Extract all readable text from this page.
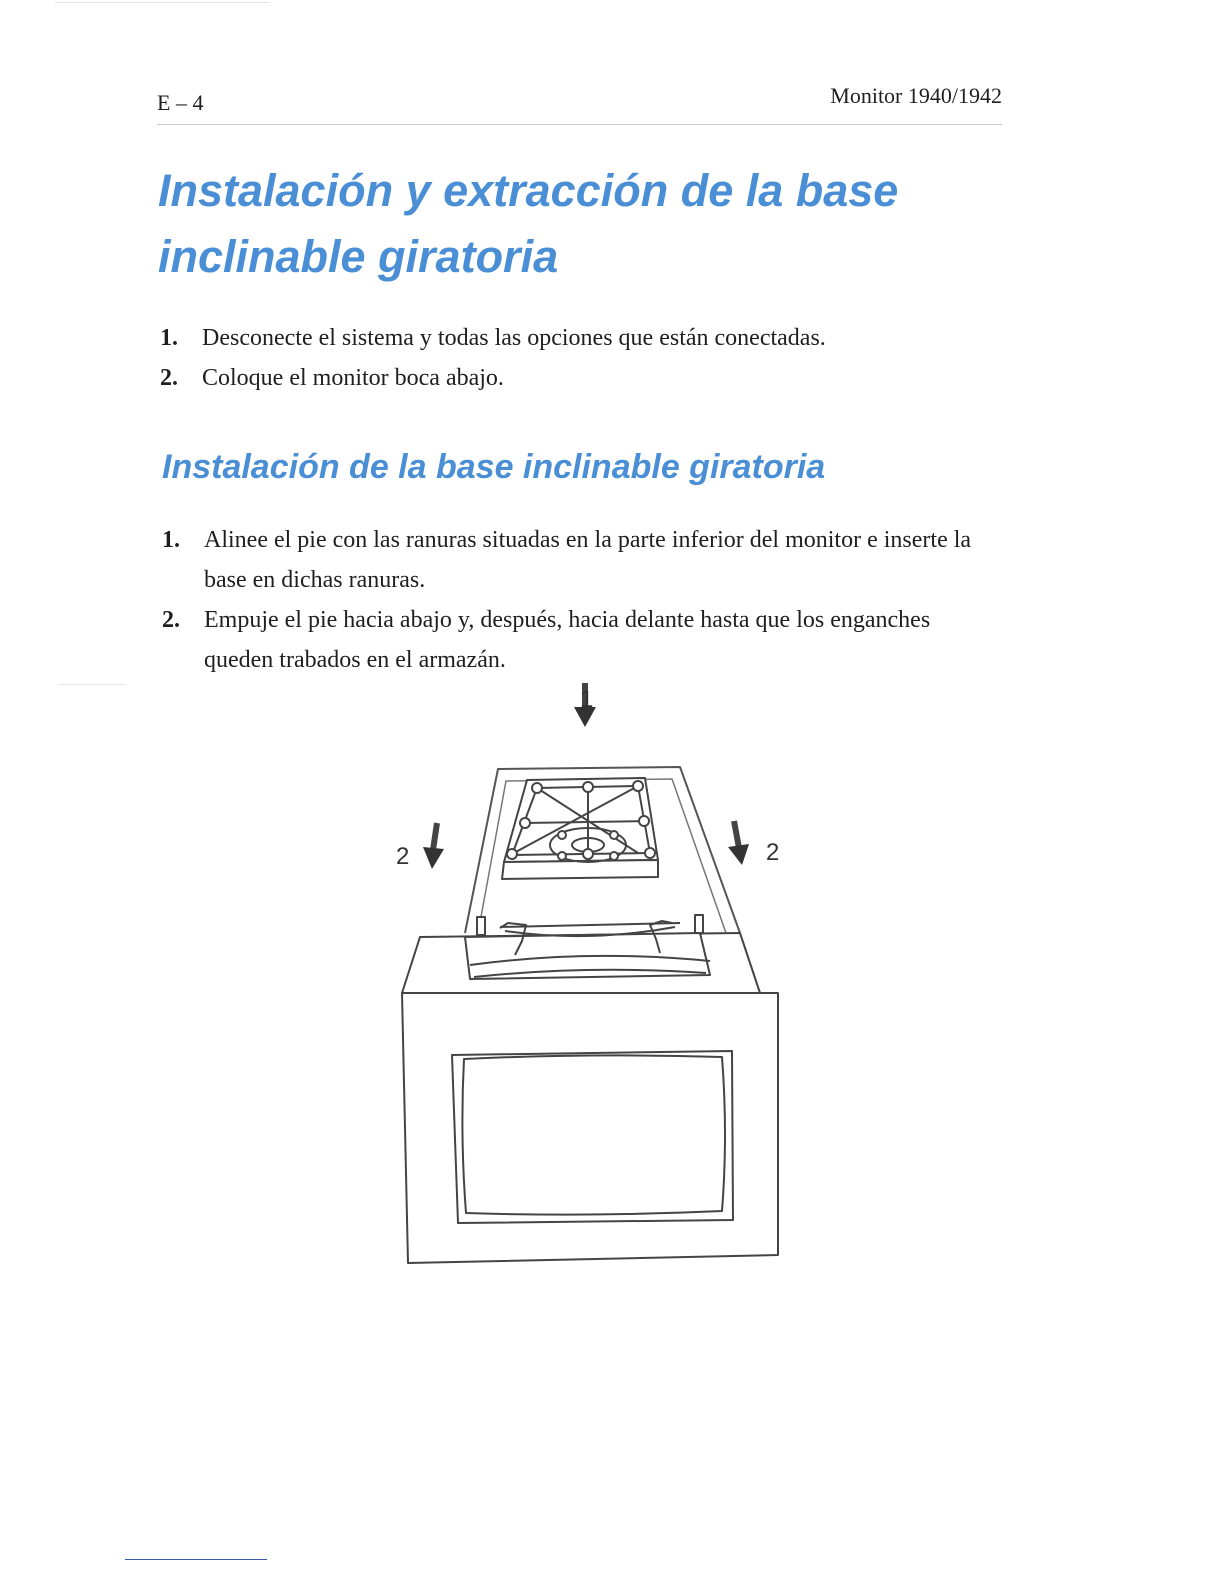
E – 4	Monitor 1940/1942
Instalación y extracción de la base inclinable giratoria
1. Desconecte el sistema y todas las opciones que están conectadas.
2. Coloque el monitor boca abajo.
Instalación de la base inclinable giratoria
1. Alinee el pie con las ranuras situadas en la parte inferior del monitor e inserte la base en dichas ranuras.
2. Empuje el pie hacia abajo y, después, hacia delante hasta que los enganches queden trabados en el armazán.
1
2	2
